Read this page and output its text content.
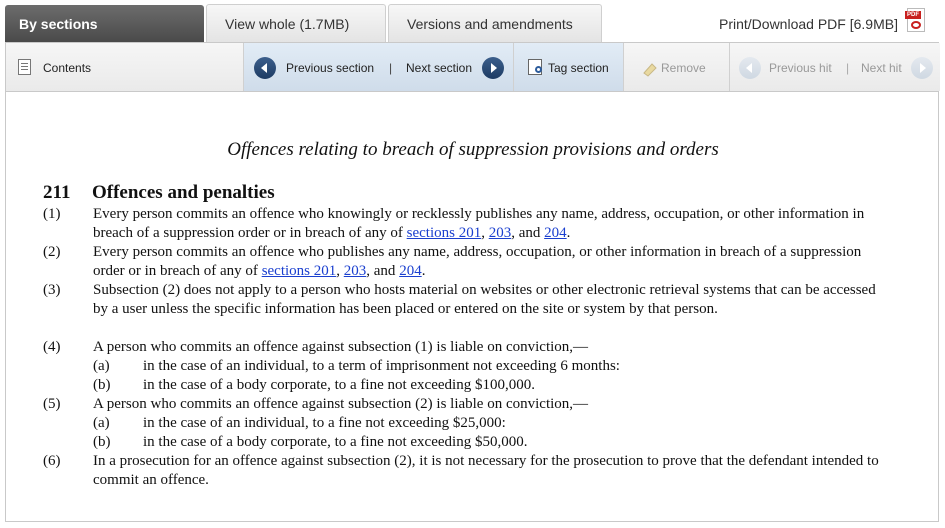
By sections	View whole (1.7MB)	Versions and amendments	Print/Download PDF [6.9MB]
PDF
Contents	Previous section | Next section	Tag section	Remove	Previous hit | Next hit
Offences relating to breach of suppression provisions and orders
211 Offences and penalties
(1) Every person commits an offence who knowingly or recklessly publishes any name, address, occupation, or other information in breach of a suppression order or in breach of any of sections 201, 203, and 204.
(2) Every person commits an offence who publishes any name, address, occupation, or other information in breach of a suppression order or in breach of any of sections 201, 203, and 204.
(3) Subsection (2) does not apply to a person who hosts material on websites or other electronic retrieval systems that can be accessed by a user unless the specific information has been placed or entered on the site or system by that person.
(4) A person who commits an offence against subsection (1) is liable on conviction,—
(a) in the case of an individual, to a term of imprisonment not exceeding 6 months:
(b) in the case of a body corporate, to a fine not exceeding $100,000.
(5) A person who commits an offence against subsection (2) is liable on conviction,—
(a) in the case of an individual, to a fine not exceeding $25,000:
(b) in the case of a body corporate, to a fine not exceeding $50,000.
(6) In a prosecution for an offence against subsection (2), it is not necessary for the prosecution to prove that the defendant intended to commit an offence.
